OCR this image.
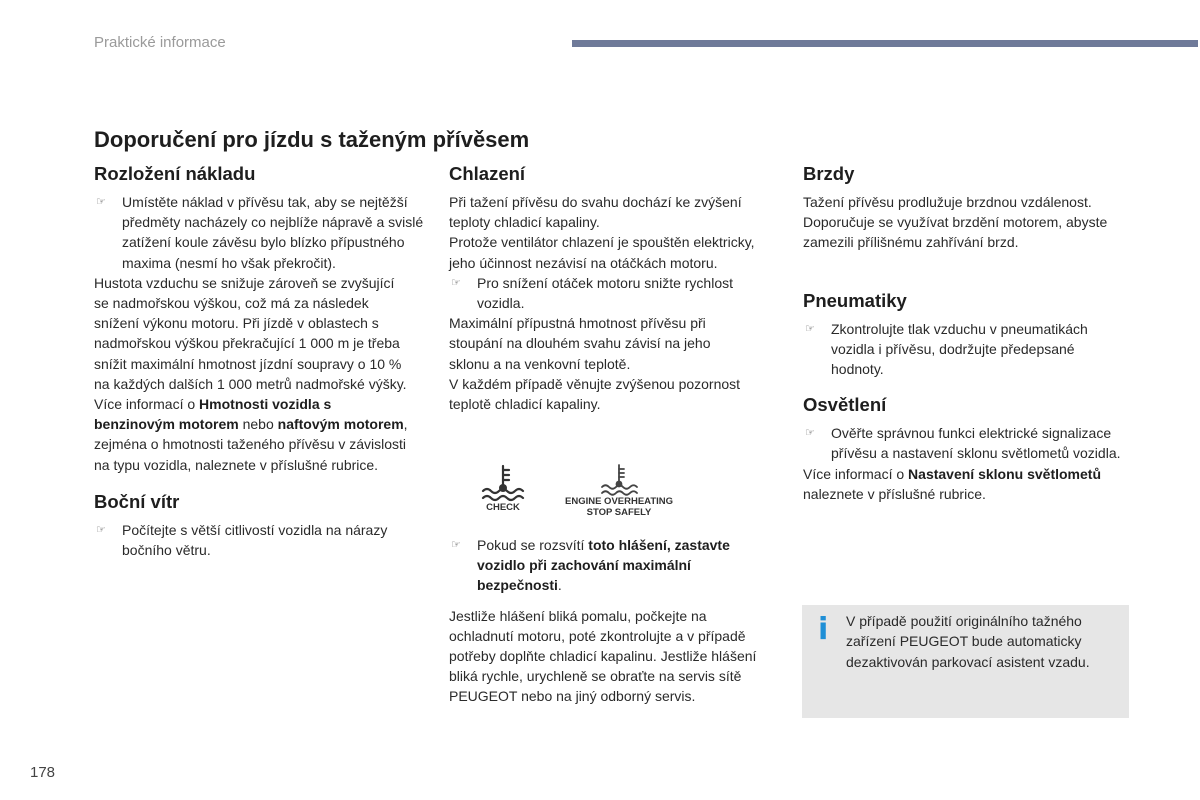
Praktické informace
Doporučení pro jízdu s taženým přívěsem
Rozložení nákladu
☞ Umístěte náklad v přívěsu tak, aby se nejtěžší předměty nacházely co nejblíže nápravě a svislé zatížení koule závěsu bylo blízko přípustného maxima (nesmí ho však překročit).

Hustota vzduchu se snižuje zároveň se zvyšující se nadmořskou výškou, což má za následek snížení výkonu motoru. Při jízdě v oblastech s nadmořskou výškou překračující 1 000 m je třeba snížit maximální hmotnost jízdní soupravy o 10 % na každých dalších 1 000 metrů nadmořské výšky.

Více informací o Hmotnosti vozidla s benzinovým motorem nebo naftovým motorem, zejména o hmotnosti taženého přívěsu v závislosti na typu vozidla, naleznete v příslušné rubrice.

Boční vítr
☞ Počítejte s větší citlivostí vozidla na nárazy bočního větru.
Chlazení

Při tažení přívěsu do svahu dochází ke zvýšení teploty chladicí kapaliny.

Protože ventilátor chlazení je spouštěn elektricky, jeho účinnost nezávisí na otáčkách motoru.

☞ Pro snížení otáček motoru snižte rychlost vozidla.

Maximální přípustná hmotnost přívěsu při stoupání na dlouhém svahu závisí na jeho sklonu a na venkovní teplotě.

V každém případě věnujte zvýšenou pozornost teplotě chladicí kapaliny.

CHECK
ENGINE OVERHEATING
STOP SAFELY
☞ Pokud se rozsvítí toto hlášení, zastavte vozidlo při zachování maximální bezpečnosti.

Jestliže hlášení bliká pomalu, počkejte na ochladnutí motoru, poté zkontrolujte a v případě potřeby doplňte chladicí kapalinu. Jestliže hlášení bliká rychle, urychleně se obraťte na servis sítě PEUGEOT nebo na jiný odborný servis.

Brzdy

Tažení přívěsu prodlužuje brzdnou vzdálenost. Doporučuje se využívat brzdění motorem, abyste zamezili přílišnému zahřívání brzd.

Pneumatiky
☞ Zkontrolujte tlak vzduchu v pneumatikách vozidla i přívěsu, dodržujte předepsané hodnoty.
Osvětlení
☞ Ověřte správnou funkci elektrické signalizace přívěsu a nastavení sklonu světlometů vozidla.

Více informací o Nastavení sklonu světlometů naleznete v příslušné rubrice.

i V případě použití originálního tažného zařízení PEUGEOT bude automaticky dezaktivován parkovací asistent vzadu.
178
